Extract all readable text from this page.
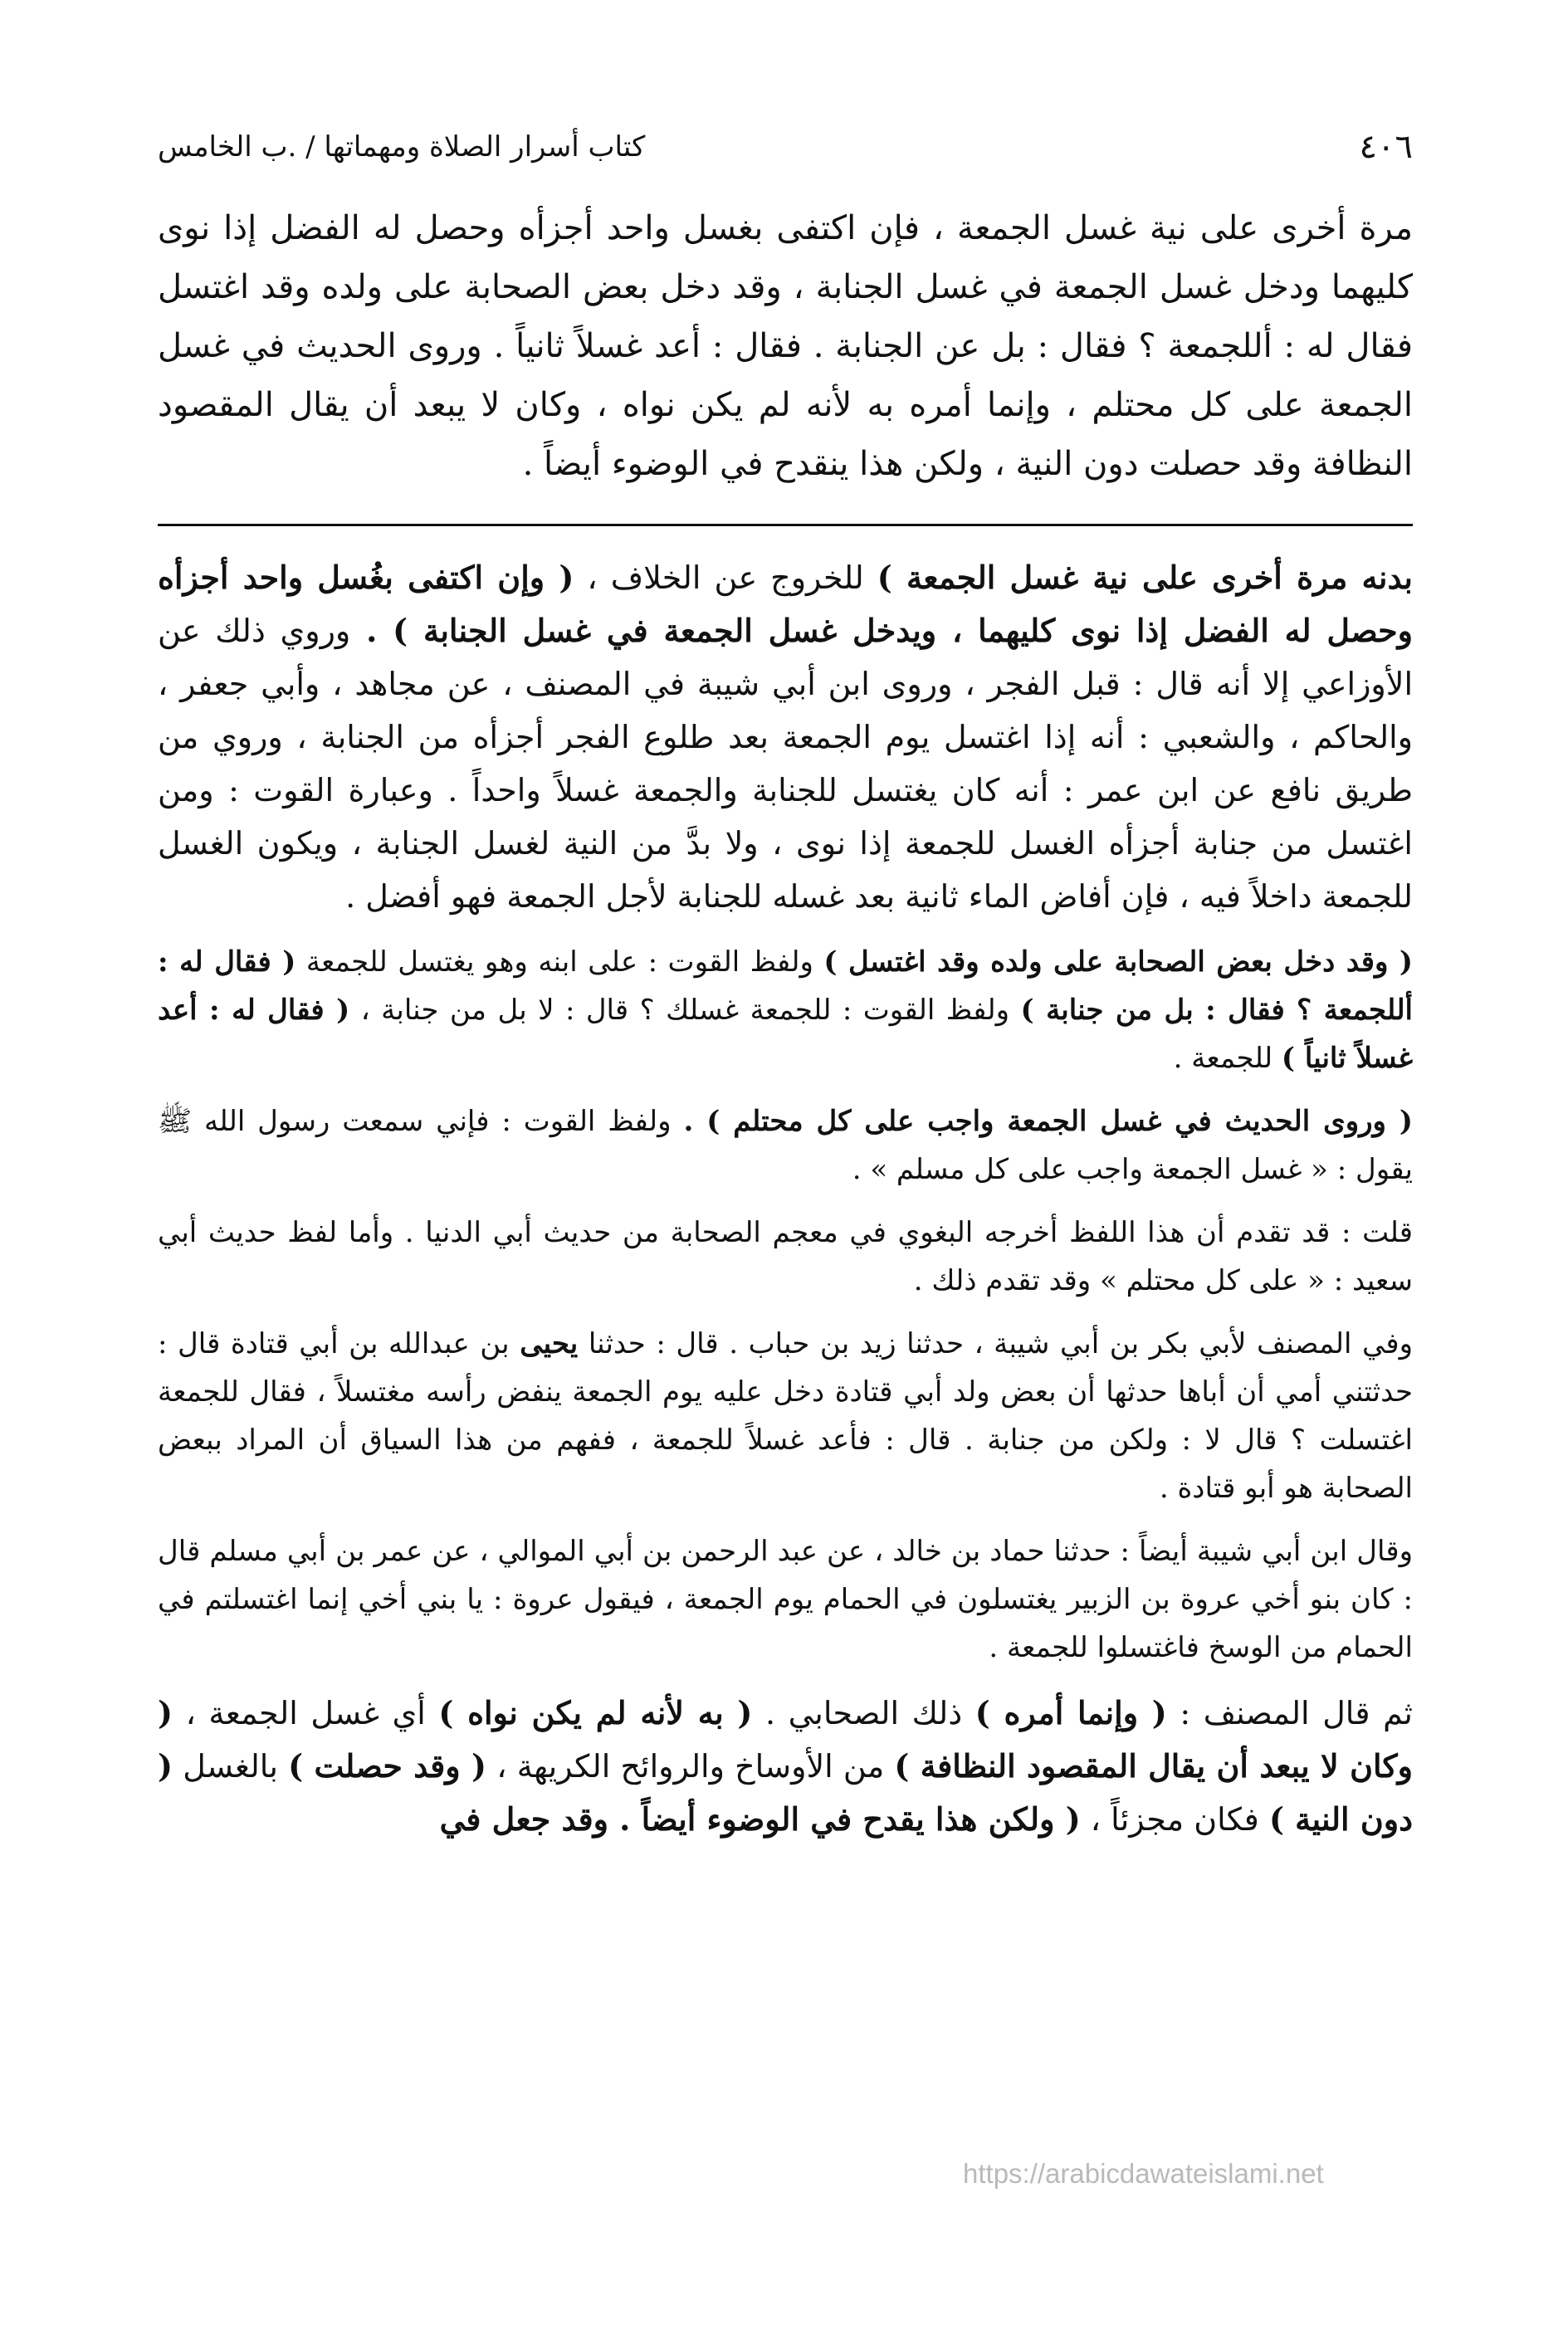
٤٠٦
كتاب أسرار الصلاة ومهماتها / .ب الخامس

مرة أخرى على نية غسل الجمعة ، فإن اكتفى بغسل واحد أجزأه وحصل له الفضل إذا نوى كليهما ودخل غسل الجمعة في غسل الجنابة ، وقد دخل بعض الصحابة على ولده وقد اغتسل فقال له : أللجمعة ؟ فقال : بل عن الجنابة . فقال : أعد غسلاً ثانياً . وروى الحديث في غسل الجمعة على كل محتلم ، وإنما أمره به لأنه لم يكن نواه ، وكان لا يبعد أن يقال المقصود النظافة وقد حصلت دون النية ، ولكن هذا ينقدح في الوضوء أيضاً .

بدنه مرة أخرى على نية غسل الجمعة ) للخروج عن الخلاف ، ( وإن اكتفى بغُسل واحد أجزأه وحصل له الفضل إذا نوى كليهما ، ويدخل غسل الجمعة في غسل الجنابة ) . وروي ذلك عن الأوزاعي إلا أنه قال : قبل الفجر ، وروى ابن أبي شيبة في المصنف ، عن مجاهد ، وأبي جعفر ، والحاكم ، والشعبي : أنه إذا اغتسل يوم الجمعة بعد طلوع الفجر أجزأه من الجنابة ، وروي من طريق نافع عن ابن عمر : أنه كان يغتسل للجنابة والجمعة غسلاً واحداً . وعبارة القوت : ومن اغتسل من جنابة أجزأه الغسل للجمعة إذا نوى ، ولا بدَّ من النية لغسل الجنابة ، ويكون الغسل للجمعة داخلاً فيه ، فإن أفاض الماء ثانية بعد غسله للجنابة لأجل الجمعة فهو أفضل .

( وقد دخل بعض الصحابة على ولده وقد اغتسل ) ولفظ القوت : على ابنه وهو يغتسل للجمعة ( فقال له : أللجمعة ؟ فقال : بل من جنابة ) ولفظ القوت : للجمعة غسلك ؟ قال : لا بل من جنابة ، ( فقال له : أعد غسلاً ثانياً ) للجمعة .

( وروى الحديث في غسل الجمعة واجب على كل محتلم ) . ولفظ القوت : فإني سمعت رسول الله ﷺ يقول : « غسل الجمعة واجب على كل مسلم » .

قلت : قد تقدم أن هذا اللفظ أخرجه البغوي في معجم الصحابة من حديث أبي الدنيا . وأما لفظ حديث أبي سعيد : « على كل محتلم » وقد تقدم ذلك .

وفي المصنف لأبي بكر بن أبي شيبة ، حدثنا زيد بن حباب . قال : حدثنا يحيى بن عبدالله بن أبي قتادة قال : حدثتني أمي أن أباها حدثها أن بعض ولد أبي قتادة دخل عليه يوم الجمعة ينفض رأسه مغتسلاً ، فقال للجمعة اغتسلت ؟ قال لا : ولكن من جنابة . قال : فأعد غسلاً للجمعة ، ففهم من هذا السياق أن المراد ببعض الصحابة هو أبو قتادة .

وقال ابن أبي شيبة أيضاً : حدثنا حماد بن خالد ، عن عبد الرحمن بن أبي الموالي ، عن عمر بن أبي مسلم قال : كان بنو أخي عروة بن الزبير يغتسلون في الحمام يوم الجمعة ، فيقول عروة : يا بني أخي إنما اغتسلتم في الحمام من الوسخ فاغتسلوا للجمعة .

ثم قال المصنف : ( وإنما أمره ) ذلك الصحابي . ( به لأنه لم يكن نواه ) أي غسل الجمعة ، ( وكان لا يبعد أن يقال المقصود النظافة ) من الأوساخ والروائح الكريهة ، ( وقد حصلت ) بالغسل ( دون النية ) فكان مجزئاً ، ( ولكن هذا يقدح في الوضوء أيضاً . وقد جعل في

https://arabicdawateislami.net
